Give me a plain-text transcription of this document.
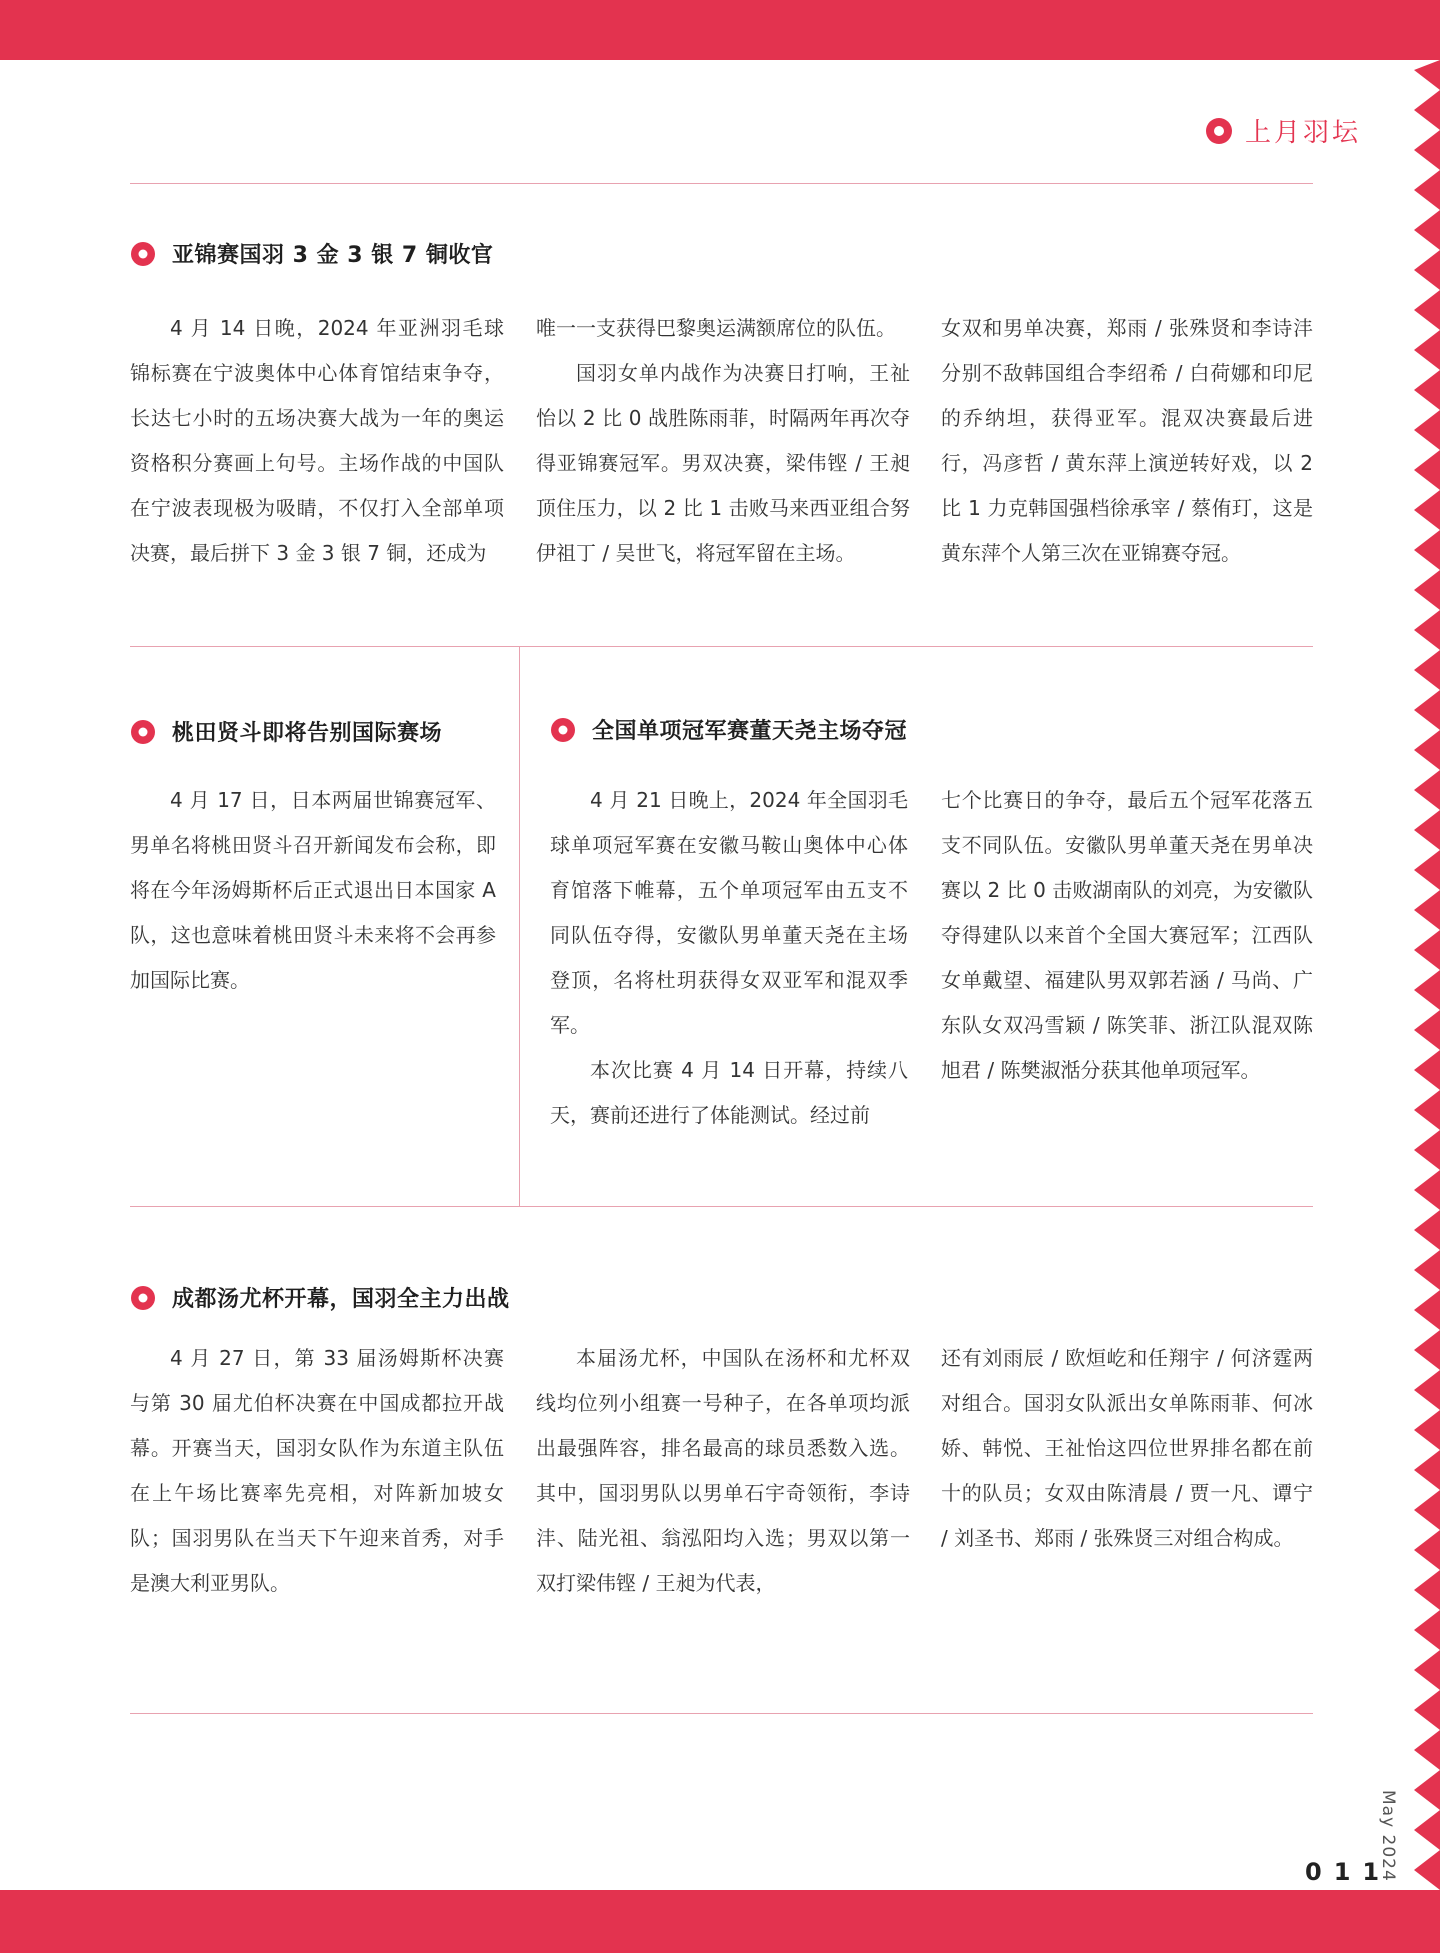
上月羽坛
亚锦赛国羽 3 金 3 银 7 铜收官

4 月 14 日晚，2024 年亚洲羽毛球锦标赛在宁波奥体中心体育馆结束争夺，长达七小时的五场决赛大战为一年的奥运资格积分赛画上句号。主场作战的中国队在宁波表现极为吸睛，不仅打入全部单项决赛，最后拼下 3 金 3 银 7 铜，还成为

唯一一支获得巴黎奥运满额席位的队伍。

国羽女单内战作为决赛日打响，王祉怡以 2 比 0 战胜陈雨菲，时隔两年再次夺得亚锦赛冠军。男双决赛，梁伟铿 / 王昶顶住压力，以 2 比 1 击败马来西亚组合努伊祖丁 / 吴世飞，将冠军留在主场。

女双和男单决赛，郑雨 / 张殊贤和李诗沣分别不敌韩国组合李绍希 / 白荷娜和印尼的乔纳坦，获得亚军。混双决赛最后进行，冯彦哲 / 黄东萍上演逆转好戏，以 2 比 1 力克韩国强档徐承宰 / 蔡侑玎，这是黄东萍个人第三次在亚锦赛夺冠。

桃田贤斗即将告别国际赛场

4 月 17 日，日本两届世锦赛冠军、男单名将桃田贤斗召开新闻发布会称，即将在今年汤姆斯杯后正式退出日本国家 A 队，这也意味着桃田贤斗未来将不会再参加国际比赛。

全国单项冠军赛董天尧主场夺冠

4 月 21 日晚上，2024 年全国羽毛球单项冠军赛在安徽马鞍山奥体中心体育馆落下帷幕，五个单项冠军由五支不同队伍夺得，安徽队男单董天尧在主场登顶，名将杜玥获得女双亚军和混双季军。

本次比赛 4 月 14 日开幕，持续八天，赛前还进行了体能测试。经过前

七个比赛日的争夺，最后五个冠军花落五支不同队伍。安徽队男单董天尧在男单决赛以 2 比 0 击败湖南队的刘亮，为安徽队夺得建队以来首个全国大赛冠军；江西队女单戴望、福建队男双郭若涵 / 马尚、广东队女双冯雪颖 / 陈笑菲、浙江队混双陈旭君 / 陈樊淑湉分获其他单项冠军。

成都汤尤杯开幕，国羽全主力出战

4 月 27 日，第 33 届汤姆斯杯决赛与第 30 届尤伯杯决赛在中国成都拉开战幕。开赛当天，国羽女队作为东道主队伍在上午场比赛率先亮相，对阵新加坡女队；国羽男队在当天下午迎来首秀，对手是澳大利亚男队。

本届汤尤杯，中国队在汤杯和尤杯双线均位列小组赛一号种子，在各单项均派出最强阵容，排名最高的球员悉数入选。其中，国羽男队以男单石宇奇领衔，李诗沣、陆光祖、翁泓阳均入选；男双以第一双打梁伟铿 / 王昶为代表，

还有刘雨辰 / 欧烜屹和任翔宇 / 何济霆两对组合。国羽女队派出女单陈雨菲、何冰娇、韩悦、王祉怡这四位世界排名都在前十的队员；女双由陈清晨 / 贾一凡、谭宁 / 刘圣书、郑雨 / 张殊贤三对组合构成。

May 2024
011
